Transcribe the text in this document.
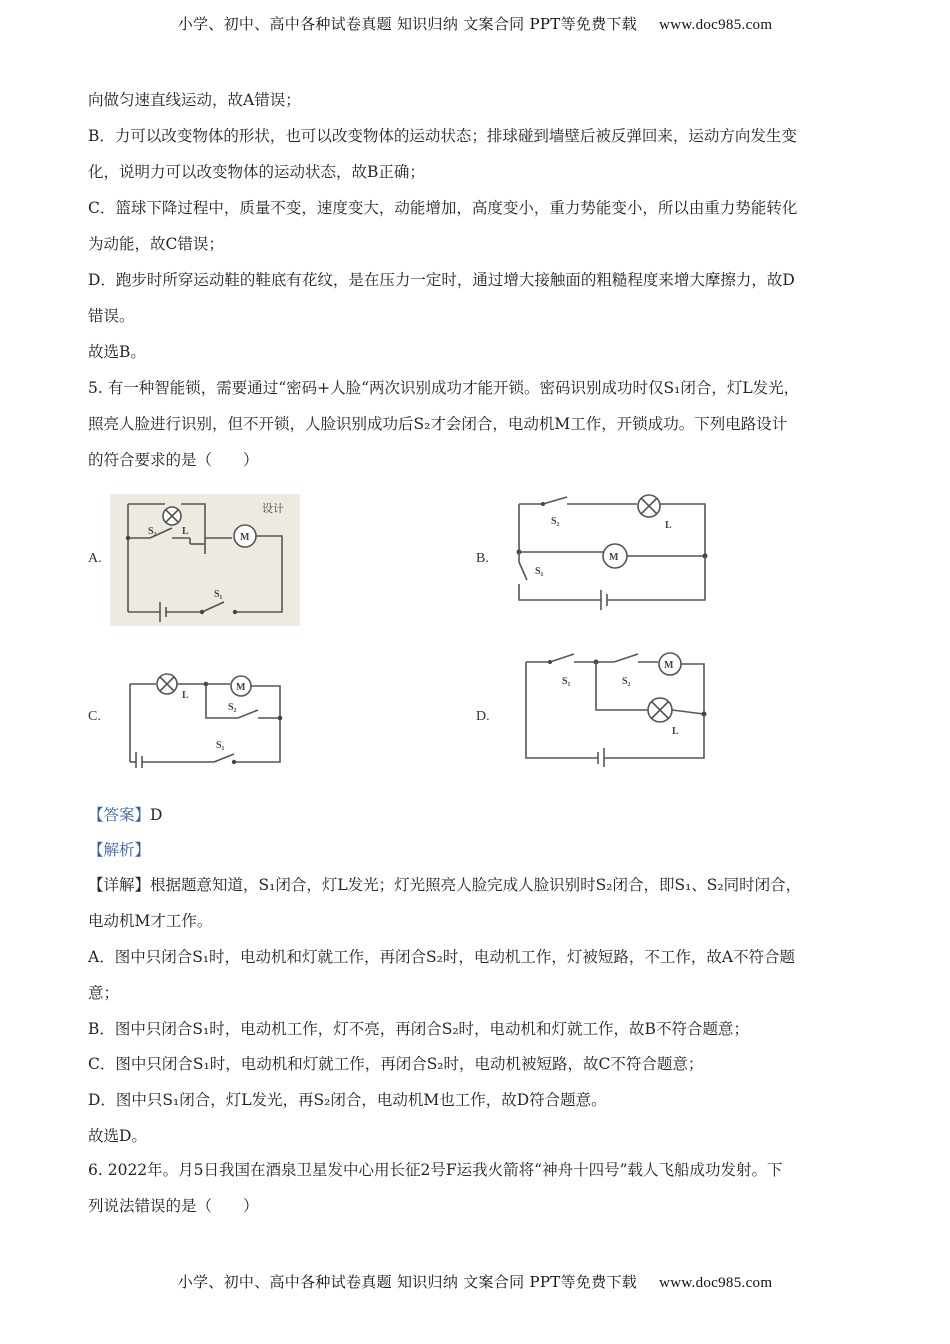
小学、初中、高中各种试卷真题 知识归纳 文案合同 PPT等免费下载 www.doc985.com
向做匀速直线运动，故A错误；
B．力可以改变物体的形状，也可以改变物体的运动状态；排球碰到墙壁后被反弹回来，运动方向发生变
化，说明力可以改变物体的运动状态，故B正确；
C．篮球下降过程中，质量不变，速度变大，动能增加，高度变小，重力势能变小，所以由重力势能转化
为动能，故C错误；
D．跑步时所穿运动鞋的鞋底有花纹，是在压力一定时，通过增大接触面的粗糙程度来增大摩擦力，故D
错误。
故选B。
5. 有一种智能锁，需要通过“密码+人脸“两次识别成功才能开锁。密码识别成功时仅S₁闭合，灯L发光，
照亮人脸进行识别，但不开锁，人脸识别成功后S₂才会闭合，电动机M工作，开锁成功。下列电路设计
的符合要求的是（　　）
A.	B.
C.	D.
设计
S₂	L
M
S₁
S₂	L
M
S₁
L
M
S₂
S₁
S₁	S₂
M
L
【答案】D
【解析】
【详解】根据题意知道，S₁闭合，灯L发光；灯光照亮人脸完成人脸识别时S₂闭合，即S₁、S₂同时闭合，
电动机M才工作。
A．图中只闭合S₁时，电动机和灯就工作，再闭合S₂时，电动机工作，灯被短路，不工作，故A不符合题
意；
B．图中只闭合S₁时，电动机工作，灯不亮，再闭合S₂时，电动机和灯就工作，故B不符合题意；
C．图中只闭合S₁时，电动机和灯就工作，再闭合S₂时，电动机被短路，故C不符合题意；
D．图中只S₁闭合，灯L发光，再S₂闭合，电动机M也工作，故D符合题意。
故选D。
6. 2022年。月5日我国在酒泉卫星发中心用长征2号F运我火箭将“神舟十四号”载人飞船成功发射。下
列说法错误的是（　　）
小学、初中、高中各种试卷真题 知识归纳 文案合同 PPT等免费下载 www.doc985.com
